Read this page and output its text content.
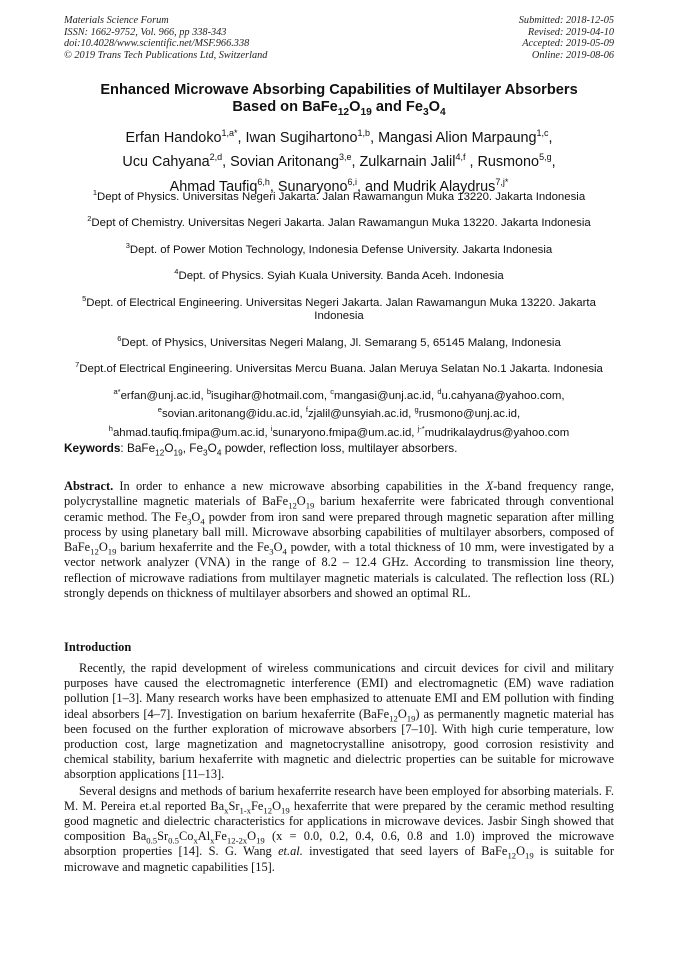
Materials Science Forum
ISSN: 1662-9752, Vol. 966, pp 338-343
doi:10.4028/www.scientific.net/MSF.966.338
© 2019 Trans Tech Publications Ltd, Switzerland
Submitted: 2018-12-05
Revised: 2019-04-10
Accepted: 2019-05-09
Online: 2019-08-06
Enhanced Microwave Absorbing Capabilities of Multilayer Absorbers
Based on $BaFe_{12}O_{19}$ and $Fe_3O_4$
Erfan Handoko$^{1,a*}$, Iwan Sugihartono$^{1,b}$, Mangasi Alion Marpaung$^{1,c}$,
Ucu Cahyana$^{2,d}$, Sovian Aritonang$^{3,e}$, Zulkarnain Jalil$^{4,f}$ , Rusmono$^{5,g}$,
Ahmad Taufiq$^{6,h}$, Sunaryono$^{6,i}$, and Mudrik Alaydrus$^{7,j*}$
$^1$Dept of Physics. Universitas Negeri Jakarta. Jalan Rawamangun Muka 13220. Jakarta Indonesia
$^2$Dept of Chemistry. Universitas Negeri Jakarta. Jalan Rawamangun Muka 13220. Jakarta Indonesia
$^3$Dept. of Power Motion Technology, Indonesia Defense University. Jakarta Indonesia
$^4$Dept. of Physics. Syiah Kuala University. Banda Aceh. Indonesia
$^5$Dept. of Electrical Engineering. Universitas Negeri Jakarta. Jalan Rawamangun Muka 13220. Jakarta Indonesia
$^6$Dept. of Physics, Universitas Negeri Malang, Jl. Semarang 5, 65145 Malang, Indonesia
$^7$Dept.of Electrical Engineering. Universitas Mercu Buana. Jalan Meruya Selatan No.1 Jakarta. Indonesia
$^{a*}$erfan@unj.ac.id, $^b$isugihar@hotmail.com, $^c$mangasi@unj.ac.id, $^d$u.cahyana@yahoo.com,
$^e$sovian.aritonang@idu.ac.id, $^f$zjalil@unsyiah.ac.id, $^g$rusmono@unj.ac.id,
$^h$ahmad.taufiq.fmipa@um.ac.id, $^i$sunaryono.fmipa@um.ac.id, $^{j-*}$mudrikalaydrus@yahoo.com
Keywords: $BaFe_{12}O_{19}$, $Fe_3O_4$ powder, reflection loss, multilayer absorbers.
Abstract. In order to enhance a new microwave absorbing capabilities in the X-band frequency range, polycrystalline magnetic materials of $BaFe_{12}O_{19}$ barium hexaferrite were fabricated through conventional ceramic method. The $Fe_3O_4$ powder from iron sand were prepared through magnetic separation after milling process by using planetary ball mill. Microwave absorbing capabilities of multilayer absorbers, composed of $BaFe_{12}O_{19}$ barium hexaferrite and the $Fe_3O_4$ powder, with a total thickness of 10 mm, were investigated by a vector network analyzer (VNA) in the range of 8.2 – 12.4 GHz. According to transmission line theory, reflection of microwave radiations from multilayer magnetic materials is calculated. The reflection loss (RL) strongly depends on thickness of multilayer absorbers and showed an optimal RL.
Introduction

Recently, the rapid development of wireless communications and circuit devices for civil and military purposes have caused the electromagnetic interference (EMI) and electromagnetic (EM) wave radiation pollution [1–3]. Many research works have been emphasized to attenuate EMI and EM pollution with finding ideal absorbers [4–7]. Investigation on barium hexaferrite $(BaFe_{12}O_{19})$ as permanently magnetic material has been focused on the further exploration of microwave absorbers [7–10]. With high curie temperature, low production cost, large magnetization and magnetocrystalline anisotropy, good corrosion resistivity and chemical stability, barium hexaferrite with magnetic and dielectric properties can be suitable for microwave absorption applications [11–13].

Several designs and methods of barium hexaferrite research have been employed for absorbing materials. F. M. M. Pereira et.al reported $Ba_xSr_{1-x}Fe_{12}O_{19}$ hexaferrite that were prepared by the ceramic method resulting good magnetic and dielectric characteristics for applications in microwave devices. Jasbir Singh showed that composition $Ba_{0.5}Sr_{0.5}Co_xAl_xFe_{12-2x}O_{19}$ (x = 0.0, 0.2, 0.4, 0.6, 0.8 and 1.0) improved the microwave absorption properties [14]. S. G. Wang et.al. investigated that seed layers of $BaFe_{12}O_{19}$ is suitable for microwave and magnetic capabilities [15].
